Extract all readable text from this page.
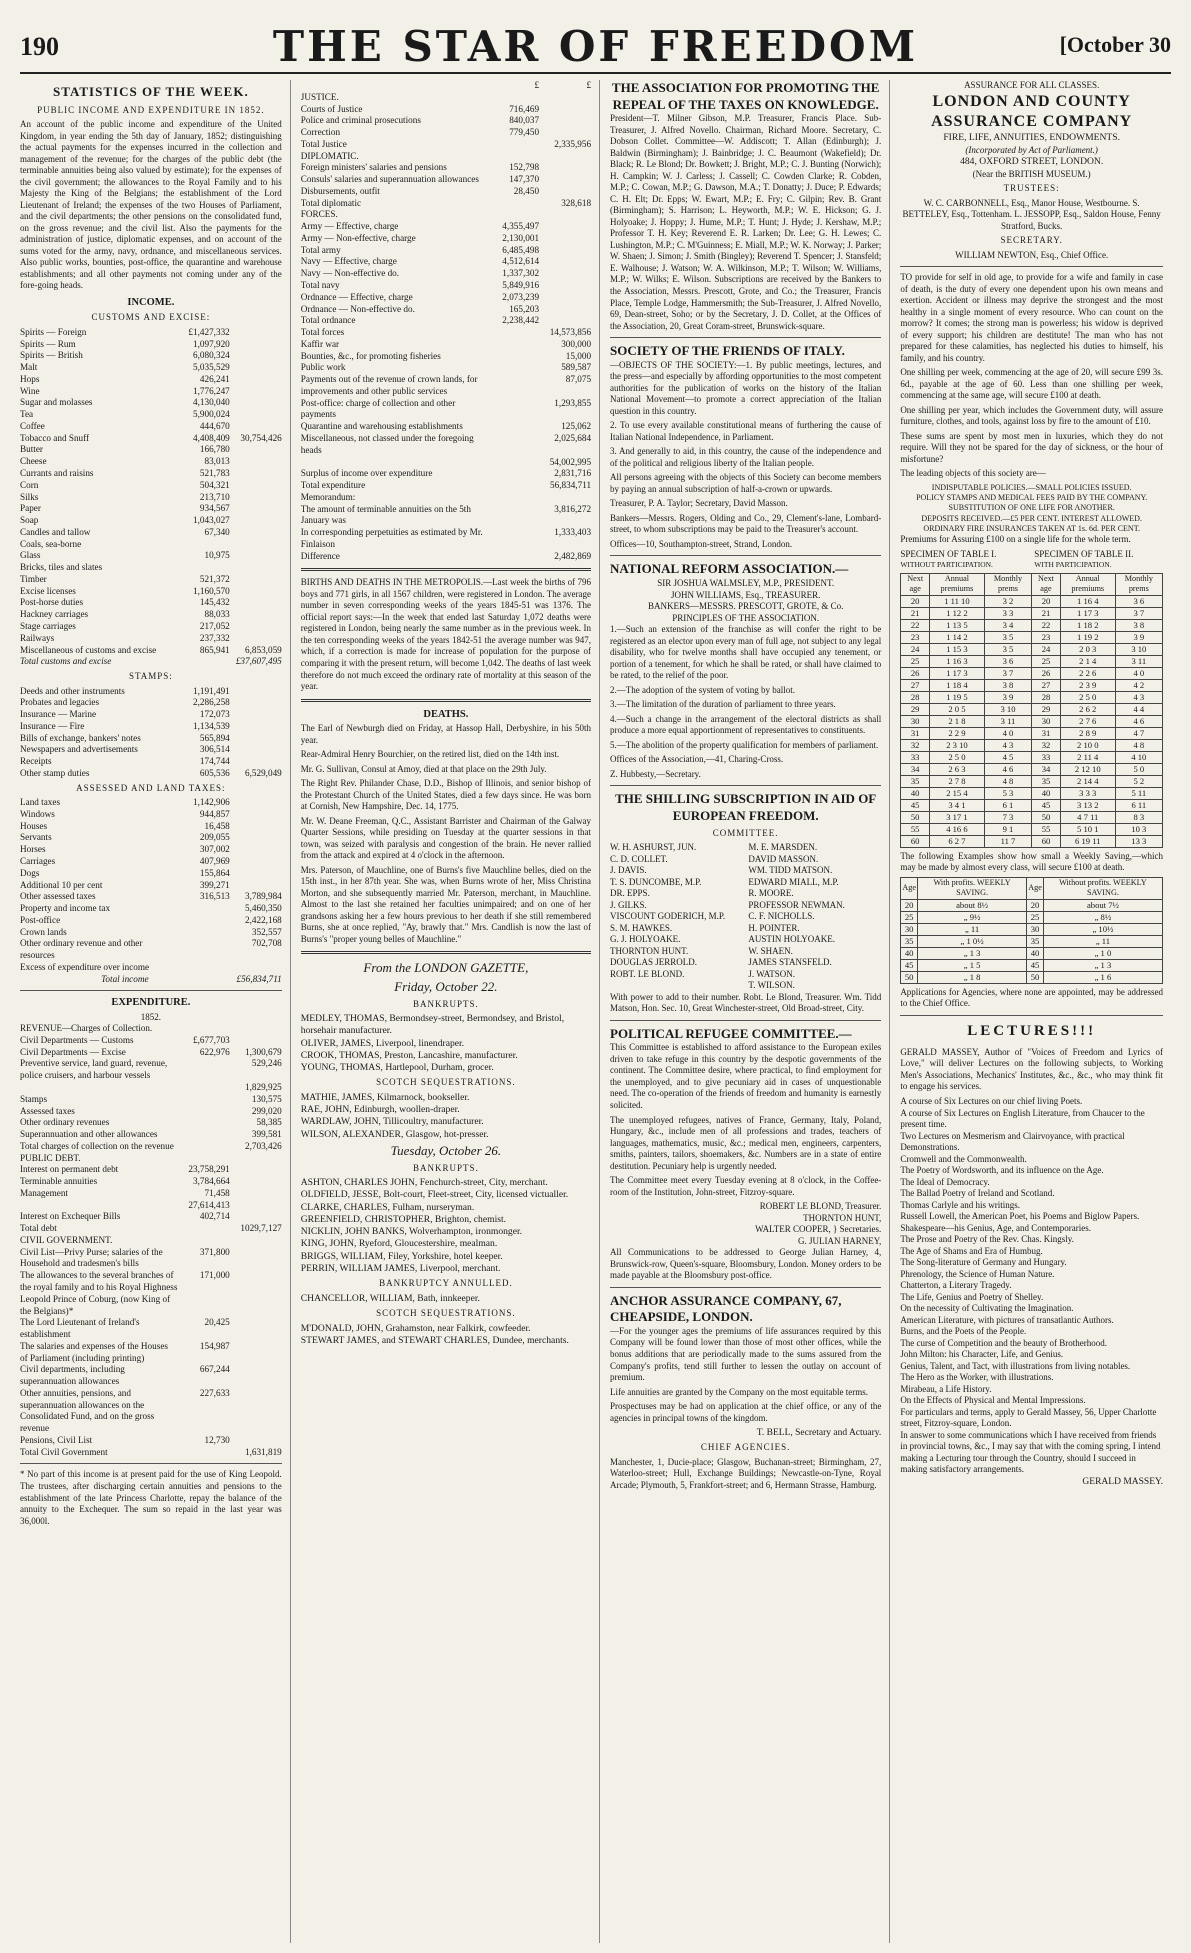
190	THE STAR OF FREEDOM	[October 30
STATISTICS OF THE WEEK.
PUBLIC INCOME AND EXPENDITURE IN 1852.

An account of the public income and expenditure of the United Kingdom, in year ending the 5th day of January, 1852; distinguishing the actual payments for the expenses incurred in the collection and management of the revenue; for the charges of the public debt (the terminable annuities being also valued by estimate); for the expenses of the civil government; the allowances to the Royal Family and to his Majesty the King of the Belgians; the establishment of the Lord Lieutenant of Ireland; the expenses of the two Houses of Parliament, and the civil departments; the other pensions on the consolidated fund, on the gross revenue; and the civil list. Also the payments for the administration of justice, diplomatic expenses, and on account of the sums voted for the army, navy, ordnance, and miscellaneous services. Also public works, bounties, post-office, the quarantine and warehouse establishments; and all other payments not coming under any of the fore-going heads.

INCOME.
CUSTOMS AND EXCISE:
Spirits — Foreign	£1,427,332	
Spirits — Rum	1,097,920	
Spirits — British	6,080,324	
Malt	5,035,529	
Hops	426,241	
Wine	1,776,247	
Sugar and molasses	4,130,040	
Tea	5,900,024	
Coffee	444,670	
Tobacco and Snuff	4,408,409	30,754,426
Butter	166,780	
Cheese	83,013	
Currants and raisins	521,783	
Corn	504,321	
Silks	213,710	
Paper	934,567	
Soap	1,043,027	
Candles and tallow	67,340	
Coals, sea-borne		
Glass	10,975	
Bricks, tiles and slates		
Timber	521,372	
Excise licenses	1,160,570	
Post-horse duties	145,432	
Hackney carriages	88,033	
Stage carriages	217,052	
Railways	237,332	
Miscellaneous of customs and excise	865,941	6,853,059
Total customs and excise	£37,607,495
STAMPS:
Deeds and other instruments	1,191,491	
Probates and legacies	2,286,258	
Insurance — Marine	172,073	
Insurance — Fire	1,134,539	
Bills of exchange, bankers' notes	565,894	
Newspapers and advertisements	306,514	
Receipts	174,744	
Other stamp duties	605,536	6,529,049
ASSESSED AND LAND TAXES:
Land taxes	1,142,906	
Windows	944,857	
Houses	16,458	
Servants	209,055	
Horses	307,002	
Carriages	407,969	
Dogs	155,864	
Additional 10 per cent	399,271	
Other assessed taxes	316,513	3,789,984
Property and income tax		5,460,350
Post-office		2,422,168
Crown lands		352,557
Other ordinary revenue and other resources		702,708
Excess of expenditure over income		
Total income	£56,834,711
EXPENDITURE.
1852.
REVENUE—Charges of Collection.
Civil Departments — Customs	£,677,703	
Civil Departments — Excise	622,976	1,300,679
Preventive service, land guard, revenue, police cruisers, and harbour vessels		529,246
		1,829,925
Stamps		130,575
Assessed taxes		299,020
Other ordinary revenues		58,385
Superannuation and other allowances		399,581
Total charges of collection on the revenue		2,703,426
PUBLIC DEBT.		
Interest on permanent debt	23,758,291	
Terminable annuities	3,784,664	
Management	71,458	
	27,614,413	
Interest on Exchequer Bills	402,714	
Total debt		1029,7,127
CIVIL GOVERNMENT.		
Civil List—Privy Purse; salaries of the Household and tradesmen's bills	371,800	
The allowances to the several branches of the royal family and to his Royal Highness Leopold Prince of Coburg, (now King of the Belgians)*	171,000	
The Lord Lieutenant of Ireland's establishment	20,425	
The salaries and expenses of the Houses of Parliament (including printing)	154,987	
Civil departments, including superannuation allowances	667,244	
Other annuities, pensions, and superannuation allowances on the Consolidated Fund, and on the gross revenue	227,633	
Pensions, Civil List	12,730	
Total Civil Government		1,631,819

* No part of this income is at present paid for the use of King Leopold. The trustees, after discharging certain annuities and pensions to the establishment of the late Princess Charlotte, repay the balance of the annuity to the Exchequer. The sum so repaid in the last year was 36,000l.

	£	£
JUSTICE.		
Courts of Justice	716,469	
Police and criminal prosecutions	840,037	
Correction	779,450	
Total Justice		2,335,956
DIPLOMATIC.		
Foreign ministers' salaries and pensions	152,798	
Consuls' salaries and superannuation allowances	147,370	
Disbursements, outfit	28,450	
Total diplomatic		328,618
FORCES.		
Army — Effective, charge	4,355,497	
Army — Non-effective, charge	2,130,001	
Total army	6,485,498	
Navy — Effective, charge	4,512,614	
Navy — Non-effective do.	1,337,302	
Total navy	5,849,916	
Ordnance — Effective, charge	2,073,239	
Ordnance — Non-effective do.	165,203	
Total ordnance	2,238,442	
Total forces		14,573,856
Kaffir war		300,000
Bounties, &c., for promoting fisheries		15,000
Public work		589,587
Payments out of the revenue of crown lands, for improvements and other public services		87,075
Post-office: charge of collection and other payments		1,293,855
Quarantine and warehousing establishments		125,062
Miscellaneous, not classed under the foregoing heads		2,025,684
		54,002,995
Surplus of income over expenditure		2,831,716
Total expenditure		56,834,711
Memorandum:		
The amount of terminable annuities on the 5th January was		3,816,272
In corresponding perpetuities as estimated by Mr. Finlaison		1,333,403
Difference		2,482,869

BIRTHS AND DEATHS IN THE METROPOLIS.—Last week the births of 796 boys and 771 girls, in all 1567 children, were registered in London. The average number in seven corresponding weeks of the years 1845-51 was 1376. The official report says:—In the week that ended last Saturday 1,072 deaths were registered in London, being nearly the same number as in the previous week. In the ten corresponding weeks of the years 1842-51 the average number was 947, which, if a correction is made for increase of population for the purpose of comparing it with the present return, will become 1,042. The deaths of last week therefore do not much exceed the ordinary rate of mortality at this season of the year.

DEATHS.

The Earl of Newburgh died on Friday, at Hassop Hall, Derbyshire, in his 50th year.

Rear-Admiral Henry Bourchier, on the retired list, died on the 14th inst.

Mr. G. Sullivan, Consul at Amoy, died at that place on the 29th July.

The Right Rev. Philander Chase, D.D., Bishop of Illinois, and senior bishop of the Protestant Church of the United States, died a few days since. He was born at Cornish, New Hampshire, Dec. 14, 1775.

Mr. W. Deane Freeman, Q.C., Assistant Barrister and Chairman of the Galway Quarter Sessions, while presiding on Tuesday at the quarter sessions in that town, was seized with paralysis and congestion of the brain. He never rallied from the attack and expired at 4 o'clock in the afternoon.

Mrs. Paterson, of Mauchline, one of Burns's five Mauchline belles, died on the 15th inst., in her 87th year. She was, when Burns wrote of her, Miss Christina Morton, and she subsequently married Mr. Paterson, merchant, in Mauchline. Almost to the last she retained her faculties unimpaired; and on one of her grandsons asking her a few hours previous to her death if she still remembered Burns, she at once replied, "Ay, brawly that." Mrs. Candlish is now the last of Burns's "proper young belles of Mauchline."

From the LONDON GAZETTE,
Friday, October 22.
BANKRUPTS.
MEDLEY, THOMAS, Bermondsey-street, Bermondsey, and Bristol, horsehair manufacturer.
OLIVER, JAMES, Liverpool, linendraper.
CROOK, THOMAS, Preston, Lancashire, manufacturer.
YOUNG, THOMAS, Hartlepool, Durham, grocer.
SCOTCH SEQUESTRATIONS.
MATHIE, JAMES, Kilmarnock, bookseller.
RAE, JOHN, Edinburgh, woollen-draper.
WARDLAW, JOHN, Tillicoultry, manufacturer.
WILSON, ALEXANDER, Glasgow, hot-presser.
Tuesday, October 26.
BANKRUPTS.
ASHTON, CHARLES JOHN, Fenchurch-street, City, merchant.
OLDFIELD, JESSE, Bolt-court, Fleet-street, City, licensed victualler.
CLARKE, CHARLES, Fulham, nurseryman.
GREENFIELD, CHRISTOPHER, Brighton, chemist.
NICKLIN, JOHN BANKS, Wolverhampton, ironmonger.
KING, JOHN, Ryeford, Gloucestershire, mealman.
BRIGGS, WILLIAM, Filey, Yorkshire, hotel keeper.
PERRIN, WILLIAM JAMES, Liverpool, merchant.
BANKRUPTCY ANNULLED.
CHANCELLOR, WILLIAM, Bath, innkeeper.
SCOTCH SEQUESTRATIONS.
M'DONALD, JOHN, Grahamston, near Falkirk, cowfeeder.
STEWART JAMES, and STEWART CHARLES, Dundee, merchants.
THE ASSOCIATION FOR PROMOTING THE REPEAL OF THE TAXES ON KNOWLEDGE.

President—T. Milner Gibson, M.P. Treasurer, Francis Place. Sub-Treasurer, J. Alfred Novello. Chairman, Richard Moore. Secretary, C. Dobson Collet. Committee—W. Addiscott; T. Allan (Edinburgh); J. Baldwin (Birmingham); J. Bainbridge; J. C. Beaumont (Wakefield); Dr. Black; R. Le Blond; Dr. Bowkett; J. Bright, M.P.; C. J. Bunting (Norwich); H. Campkin; W. J. Carless; J. Cassell; C. Cowden Clarke; R. Cobden, M.P.; C. Cowan, M.P.; G. Dawson, M.A.; T. Donatty; J. Duce; P. Edwards; C. H. Elt; Dr. Epps; W. Ewart, M.P.; E. Fry; C. Gilpin; Rev. B. Grant (Birmingham); S. Harrison; L. Heyworth, M.P.; W. E. Hickson; G. J. Holyoake; J. Hoppy; J. Hume, M.P.; T. Hunt; J. Hyde; J. Kershaw, M.P.; Professor T. H. Key; Reverend E. R. Larken; Dr. Lee; G. H. Lewes; C. Lushington, M.P.; C. M'Guinness; E. Miall, M.P.; W. K. Norway; J. Parker; W. Shaen; J. Simon; J. Smith (Bingley); Reverend T. Spencer; J. Stansfeld; E. Walhouse; J. Watson; W. A. Wilkinson, M.P.; T. Wilson; W. Williams, M.P.; W. Wilks; E. Wilson. Subscriptions are received by the Bankers to the Association, Messrs. Prescott, Grote, and Co.; the Treasurer, Francis Place, Temple Lodge, Hammersmith; the Sub-Treasurer, J. Alfred Novello, 69, Dean-street, Soho; or by the Secretary, J. D. Collet, at the Offices of the Association, 20, Great Coram-street, Brunswick-square.

SOCIETY OF THE FRIENDS OF ITALY.

—OBJECTS OF THE SOCIETY:—1. By public meetings, lectures, and the press—and especially by affording opportunities to the most competent authorities for the publication of works on the history of the Italian National Movement—to promote a correct appreciation of the Italian question in this country.

2. To use every available constitutional means of furthering the cause of Italian National Independence, in Parliament.

3. And generally to aid, in this country, the cause of the independence and of the political and religious liberty of the Italian people.

All persons agreeing with the objects of this Society can become members by paying an annual subscription of half-a-crown or upwards.

Treasurer, P. A. Taylor; Secretary, David Masson.

Bankers—Messrs. Rogers, Olding and Co., 29, Clement's-lane, Lombard-street, to whom subscriptions may be paid to the Treasurer's account.

Offices—10, Southampton-street, Strand, London.

NATIONAL REFORM ASSOCIATION.—
SIR JOSHUA WALMSLEY, M.P., PRESIDENT.
JOHN WILLIAMS, Esq., TREASURER.
BANKERS—MESSRS. PRESCOTT, GROTE, & Co.
PRINCIPLES OF THE ASSOCIATION.

1.—Such an extension of the franchise as will confer the right to be registered as an elector upon every man of full age, not subject to any legal disability, who for twelve months shall have occupied any tenement, or portion of a tenement, for which he shall be rated, or shall have claimed to be rated, to the relief of the poor.

2.—The adoption of the system of voting by ballot.

3.—The limitation of the duration of parliament to three years.

4.—Such a change in the arrangement of the electoral districts as shall produce a more equal apportionment of representatives to constituents.

5.—The abolition of the property qualification for members of parliament.

Offices of the Association,—41, Charing-Cross.

Z. Hubbesty,—Secretary.

THE SHILLING SUBSCRIPTION IN AID OF EUROPEAN FREEDOM.
COMMITTEE.
W. H. ASHURST, JUN.
C. D. COLLET.
J. DAVIS.
T. S. DUNCOMBE, M.P.
DR. EPPS.
J. GILKS.
VISCOUNT GODERICH, M.P.
S. M. HAWKES.
G. J. HOLYOAKE.
THORNTON HUNT.
DOUGLAS JERROLD.
ROBT. LE BLOND.
M. E. MARSDEN.
DAVID MASSON.
WM. TIDD MATSON.
EDWARD MIALL, M.P.
R. MOORE.
PROFESSOR NEWMAN.
C. F. NICHOLLS.
H. POINTER.
AUSTIN HOLYOAKE.
W. SHAEN.
JAMES STANSFELD.
J. WATSON.
T. WILSON.

With power to add to their number. Robt. Le Blond, Treasurer. Wm. Tidd Matson, Hon. Sec. 10, Great Winchester-street, Old Broad-street, City.

POLITICAL REFUGEE COMMITTEE.—

This Committee is established to afford assistance to the European exiles driven to take refuge in this country by the despotic governments of the continent. The Committee desire, where practical, to find employment for the unemployed, and to give pecuniary aid in cases of unquestionable need. The co-operation of the friends of freedom and humanity is earnestly solicited.

The unemployed refugees, natives of France, Germany, Italy, Poland, Hungary, &c., include men of all professions and trades, teachers of languages, mathematics, music, &c.; medical men, engineers, carpenters, smiths, painters, tailors, shoemakers, &c. Numbers are in a state of entire destitution. Pecuniary help is urgently needed.

The Committee meet every Tuesday evening at 8 o'clock, in the Coffee-room of the Institution, John-street, Fitzroy-square.

ROBERT LE BLOND, Treasurer.
THORNTON HUNT,
WALTER COOPER, } Secretaries.
G. JULIAN HARNEY,

All Communications to be addressed to George Julian Harney, 4, Brunswick-row, Queen's-square, Bloomsbury, London. Money orders to be made payable at the Bloomsbury post-office.

ANCHOR ASSURANCE COMPANY, 67, CHEAPSIDE, LONDON.

—For the younger ages the premiums of life assurances required by this Company will be found lower than those of most other offices, while the bonus additions that are periodically made to the sums assured from the Company's profits, tend still further to lessen the outlay on account of premium.

Life annuities are granted by the Company on the most equitable terms.

Prospectuses may be had on application at the chief office, or any of the agencies in principal towns of the kingdom.

T. BELL, Secretary and Actuary.
CHIEF AGENCIES.

Manchester, 1, Ducie-place; Glasgow, Buchanan-street; Birmingham, 27, Waterloo-street; Hull, Exchange Buildings; Newcastle-on-Tyne, Royal Arcade; Plymouth, 5, Frankfort-street; and 6, Hermann Strasse, Hamburg.

ASSURANCE FOR ALL CLASSES.
LONDON AND COUNTY ASSURANCE COMPANY
FIRE, LIFE, ANNUITIES, ENDOWMENTS.
(Incorporated by Act of Parliament.)
484, OXFORD STREET, LONDON.
(Near the BRITISH MUSEUM.)
TRUSTEES:

W. C. CARBONNELL, Esq., Manor House, Westbourne. S. BETTELEY, Esq., Tottenham. L. JESSOPP, Esq., Saldon House, Fenny Stratford, Bucks.

SECRETARY.
WILLIAM NEWTON, Esq., Chief Office.

TO provide for self in old age, to provide for a wife and family in case of death, is the duty of every one dependent upon his own means and exertion. Accident or illness may deprive the strongest and the most healthy in a single moment of every resource. Who can count on the morrow? It comes; the strong man is powerless; his widow is deprived of every support; his children are destitute! The man who has not prepared for these calamities, has neglected his duties to himself, his family, and his country.

One shilling per week, commencing at the age of 20, will secure £99 3s. 6d., payable at the age of 60. Less than one shilling per week, commencing at the same age, will secure £100 at death.

One shilling per year, which includes the Government duty, will assure furniture, clothes, and tools, against loss by fire to the amount of £10.

These sums are spent by most men in luxuries, which they do not require. Will they not be spared for the day of sickness, or the hour of misfortune?

The leading objects of this society are—

INDISPUTABLE POLICIES.—SMALL POLICIES ISSUED.
POLICY STAMPS AND MEDICAL FEES PAID BY THE COMPANY.
SUBSTITUTION OF ONE LIFE FOR ANOTHER.
DEPOSITS RECEIVED.—£5 PER CENT. INTEREST ALLOWED.
ORDINARY FIRE INSURANCES TAKEN AT 1s. 6d. PER CENT.

Premiums for Assuring £100 on a single life for the whole term.

SPECIMEN OF TABLE I.
WITHOUT PARTICIPATION.
SPECIMEN OF TABLE II.
WITH PARTICIPATION.
Next age	Annual premiums	Monthly prems	Next age	Annual premiums	Monthly prems
20	1 11 10	3 2	20	1 16 4	3 6
21	1 12 2	3 3	21	1 17 3	3 7
22	1 13 5	3 4	22	1 18 2	3 8
23	1 14 2	3 5	23	1 19 2	3 9
24	1 15 3	3 5	24	2 0 3	3 10
25	1 16 3	3 6	25	2 1 4	3 11
26	1 17 3	3 7	26	2 2 6	4 0
27	1 18 4	3 8	27	2 3 9	4 2
28	1 19 5	3 9	28	2 5 0	4 3
29	2 0 5	3 10	29	2 6 2	4 4
30	2 1 8	3 11	30	2 7 6	4 6
31	2 2 9	4 0	31	2 8 9	4 7
32	2 3 10	4 3	32	2 10 0	4 8
33	2 5 0	4 5	33	2 11 4	4 10
34	2 6 3	4 6	34	2 12 10	5 0
35	2 7 8	4 8	35	2 14 4	5 2
40	2 15 4	5 3	40	3 3 3	5 11
45	3 4 1	6 1	45	3 13 2	6 11
50	3 17 1	7 3	50	4 7 11	8 3
55	4 16 6	9 1	55	5 10 1	10 3
60	6 2 7	11 7	60	6 19 11	13 3

The following Examples show how small a Weekly Saving,—which may be made by almost every class, will secure £100 at death.

Age	With profits. WEEKLY SAVING.	Age	Without profits. WEEKLY SAVING.
20	about 8½	20	about 7½
25	„ 9½	25	„ 8½
30	„ 11	30	„ 10½
35	„ 1 0½	35	„ 11
40	„ 1 3	40	„ 1 0
45	„ 1 5	45	„ 1 3
50	„ 1 8	50	„ 1 6

Applications for Agencies, where none are appointed, may be addressed to the Chief Office.

LECTURES!!!

GERALD MASSEY, Author of "Voices of Freedom and Lyrics of Love," will deliver Lectures on the following subjects, to Working Men's Associations, Mechanics' Institutes, &c., &c., who may think fit to engage his services.

A course of Six Lectures on our chief living Poets.
A course of Six Lectures on English Literature, from Chaucer to the present time.
Two Lectures on Mesmerism and Clairvoyance, with practical Demonstrations.
Cromwell and the Commonwealth.
The Poetry of Wordsworth, and its influence on the Age.
The Ideal of Democracy.
The Ballad Poetry of Ireland and Scotland.
Thomas Carlyle and his writings.
Russell Lowell, the American Poet, his Poems and Biglow Papers.
Shakespeare—his Genius, Age, and Contemporaries.
The Prose and Poetry of the Rev. Chas. Kingsly.
The Age of Shams and Era of Humbug.
The Song-literature of Germany and Hungary.
Phrenology, the Science of Human Nature.
Chatterton, a Literary Tragedy.
The Life, Genius and Poetry of Shelley.
On the necessity of Cultivating the Imagination.
American Literature, with pictures of transatlantic Authors.
Burns, and the Poets of the People.
The curse of Competition and the beauty of Brotherhood.
John Milton: his Character, Life, and Genius.
Genius, Talent, and Tact, with illustrations from living notables.
The Hero as the Worker, with illustrations.
Mirabeau, a Life History.
On the Effects of Physical and Mental Impressions.
For particulars and terms, apply to Gerald Massey, 56, Upper Charlotte street, Fitzroy-square, London.
In answer to some communications which I have received from friends in provincial towns, &c., I may say that with the coming spring, I intend making a Lecturing tour through the Country, should I succeed in making satisfactory arrangements.
GERALD MASSEY.
